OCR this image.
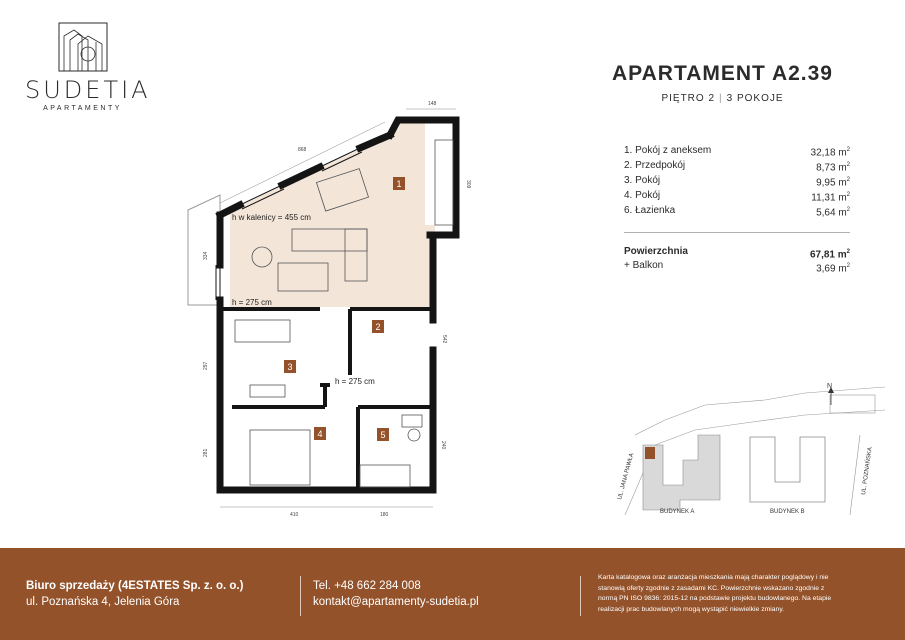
SUDETIA
APARTAMENTY
1
2
3
4	5
h w kalenicy = 455 cm
h = 275 cm
h = 275 cm
148
868
309
334
542
297
281
240
410	180
APARTAMENT A2.39
PIĘTRO 2 | 3 POKOJE
1. Pokój z aneksem	32,18 $m^2$
2. Przedpokój	8,73 $m^2$
3. Pokój	9,95 $m^2$
4. Pokój	11,31 $m^2$
6. Łazienka	5,64 $m^2$
Powierzchnia	67,81 $m^2$
+ Balkon	3,69 $m^2$
N
UL. JANA PAWŁA	UL. POZNAŃSKA
BUDYNEK A	BUDYNEK B
Biuro sprzedaży (4ESTATES Sp. z. o. o.)
ul. Poznańska 4, Jelenia Góra
Tel. +48 662 284 008
kontakt@apartamenty-sudetia.pl
Karta katalogowa oraz aranżacja mieszkania mają charakter poglądowy i nie
stanowią oferty zgodnie z zasadami KC. Powierzchnie wskazano zgodnie z
normą PN ISO 9836: 2015-12 na podstawie projektu budowlanego. Na etapie
realizacji prac budowlanych mogą wystąpić niewielkie zmiany.
